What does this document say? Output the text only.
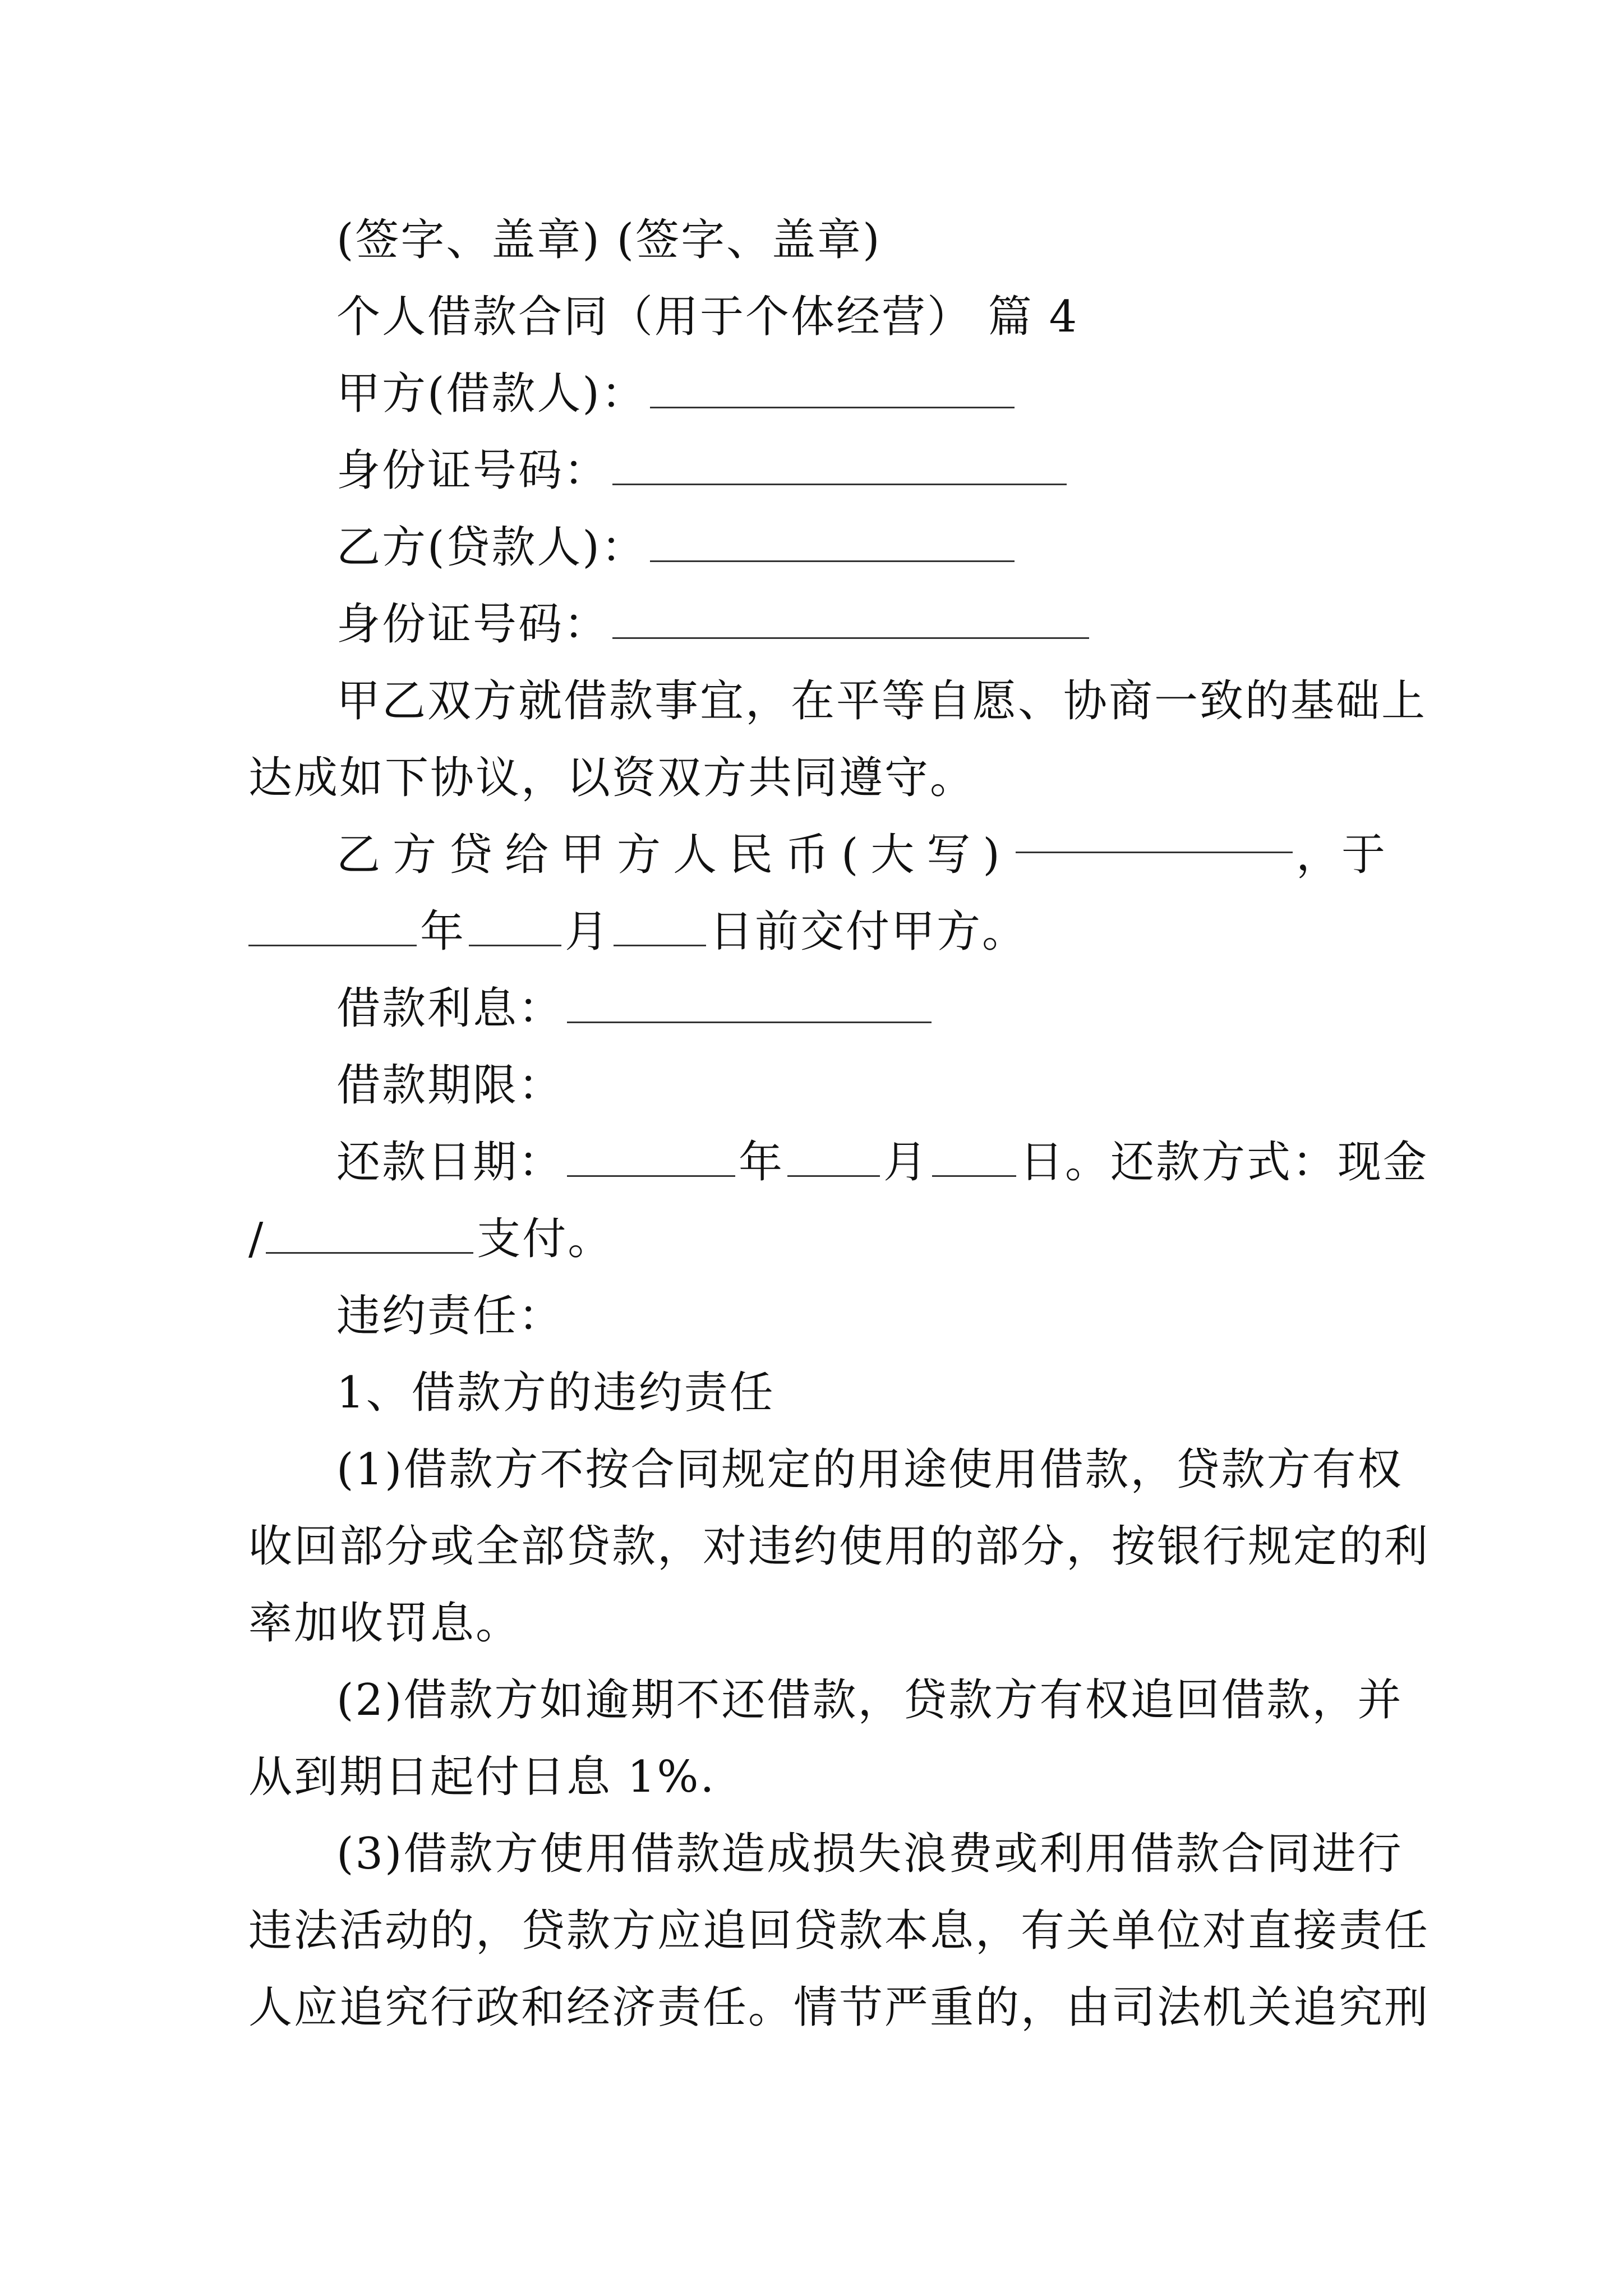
(签字、盖章) (签字、盖章)
个人借款合同（用于个体经营） 篇 4
甲方(借款人)：
身份证号码：
乙方(贷款人)：
身份证号码：
甲乙双方就借款事宜，在平等自愿、协商一致的基础上
达成如下协议，以资双方共同遵守。
乙方贷给甲方人民币(大写)	， 于
年 月 日前交付甲方。
借款利息：
借款期限：
还款日期：	年 月 日。还款方式：现金
/	支付。
违约责任：
1、借款方的违约责任
(1)借款方不按合同规定的用途使用借款，贷款方有权
收回部分或全部贷款，对违约使用的部分，按银行规定的利
率加收罚息。
(2)借款方如逾期不还借款，贷款方有权追回借款，并
从到期日起付日息 1%.
(3)借款方使用借款造成损失浪费或利用借款合同进行
违法活动的，贷款方应追回贷款本息，有关单位对直接责任
人应追究行政和经济责任。情节严重的，由司法机关追究刑
